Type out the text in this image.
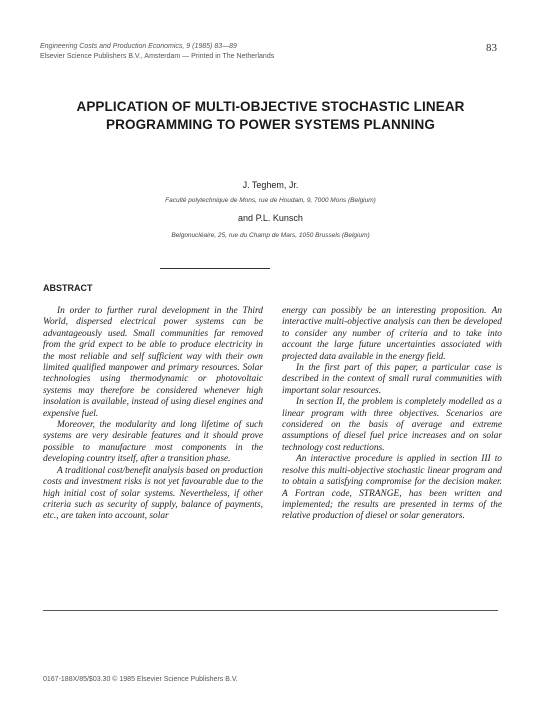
Engineering Costs and Production Economics, 9 (1985) 83—89
Elsevier Science Publishers B.V., Amsterdam — Printed in The Netherlands
83
APPLICATION OF MULTI-OBJECTIVE STOCHASTIC LINEAR PROGRAMMING TO POWER SYSTEMS PLANNING
J. Teghem, Jr.
Faculté polytechnique de Mons, rue de Houdain, 9, 7000 Mons (Belgium)
and P.L. Kunsch
Belgonucléaire, 25, rue du Champ de Mars, 1050 Brussels (Belgium)
ABSTRACT

In order to further rural development in the Third World, dispersed electrical power systems can be advantageously used. Small communities far removed from the grid expect to be able to produce electricity in the most reliable and self sufficient way with their own limited qualified manpower and primary resources. Solar technologies using thermodynamic or photovoltaic systems may therefore be considered whenever high insolation is available, instead of using diesel engines and expensive fuel.

Moreover, the modularity and long lifetime of such systems are very desirable features and it should prove possible to manufacture most components in the developing country itself, after a transition phase.

A traditional cost/benefit analysis based on production costs and investment risks is not yet favourable due to the high initial cost of solar systems. Nevertheless, if other criteria such as security of supply, balance of payments, etc., are taken into account, solar

energy can possibly be an interesting proposition. An interactive multi-objective analysis can then be developed to consider any number of criteria and to take into account the large future uncertainties associated with projected data available in the energy field.

In the first part of this paper, a particular case is described in the context of small rural communities with important solar resources.

In section II, the problem is completely modelled as a linear program with three objectives. Scenarios are considered on the basis of average and extreme assumptions of diesel fuel price increases and on solar technology cost reductions.

An interactive procedure is applied in section III to resolve this multi-objective stochastic linear program and to obtain a satisfying compromise for the decision maker. A Fortran code, STRANGE, has been written and implemented; the results are presented in terms of the relative production of diesel or solar generators.

0167-188X/85/$03.30 © 1985 Elsevier Science Publishers B.V.
